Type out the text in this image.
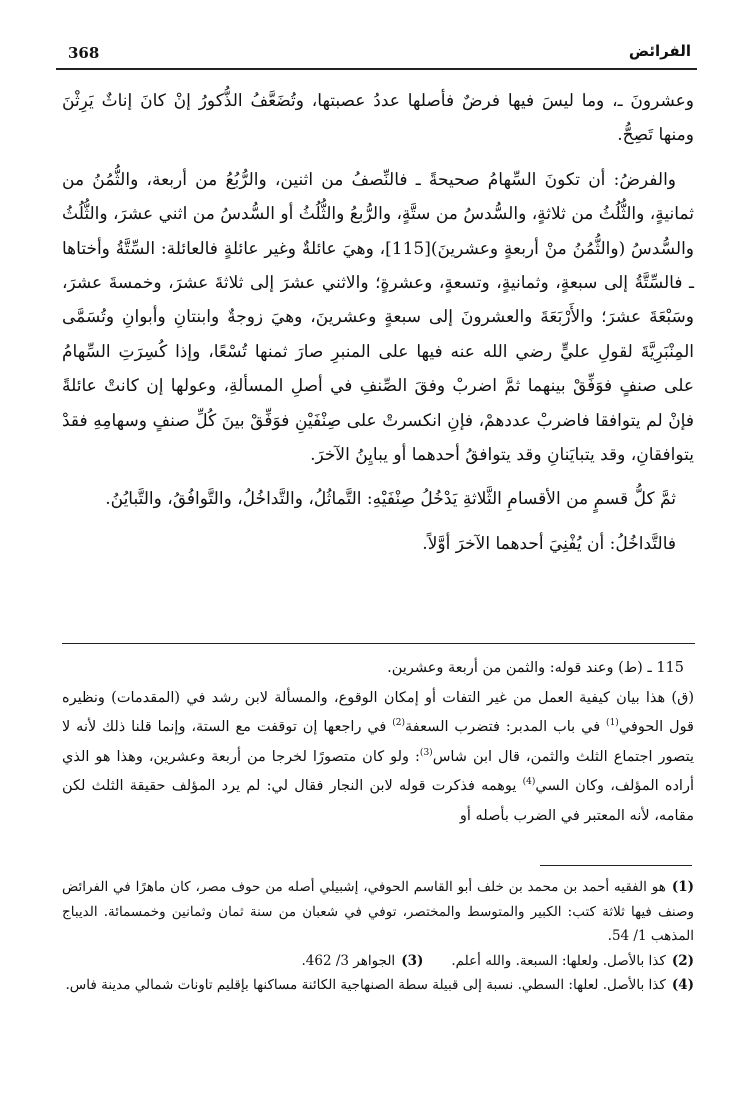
368	الفرائض

وعشرونَ ـ، وما ليسَ فيها فرضٌ فأصلها عددُ عصبتها، وتُضَعَّفُ الذُّكورُ إنْ كانَ إناثٌ يَرِثْنَ ومنها تَصِحُّ.

والفرضُ: أن تكونَ السِّهامُ صحيحةً ـ فالنِّصفُ من اثنين، والرُّبُعُ من أربعة، والثُّمُنُ من ثمانيةٍ، والثُّلُثُ من ثلاثةٍ، والسُّدسُ من ستَّةٍ، والرُّبعُ والثُّلُثُ أو السُّدسُ من اثني عشرَ، والثُّلُثُ والسُّدسُ (والثُّمُنُ منْ أربعةٍ وعشرينَ)[115]، وهيَ عائلةٌ وغير عائلةٍ فالعائلة: السِّتَّةُ وأختاها ـ فالسِّتَّةُ إلى سبعةٍ، وثمانيةٍ، وتسعةٍ، وعشرةٍ؛ والاثني عشرَ إلى ثلاثةَ عشرَ، وخمسةَ عشرَ، وسَبْعَةَ عشرَ؛ والأَرْبَعَةَ والعشرونَ إلى سبعةٍ وعشرينَ، وهيَ زوجةٌ وابنتانِ وأبوانِ وتُسَمَّى المِنْبَرِيَّةَ لقولِ عليٍّ رضي الله عنه فيها على المنبرِ صارَ ثمنها تُسْعًا، وإذا كُسِرَتِ السِّهامُ على صنفٍ فوَفِّقْ بينهما ثمَّ اضربْ وفقَ الصِّنفِ في أصلِ المسألةِ، وعولها إن كانتْ عائلةً فإنْ لم يتوافقا فاضربْ عددهمْ، فإنِ انكسرتْ على صِنْفَيْنِ فوَفِّقْ بينَ كُلِّ صنفٍ وسهامِهِ فقدْ يتوافقانِ، وقد يتبايَنانِ وقد يتوافقُ أحدهما أو يبايِنُ الآخرَ.

ثمَّ كلُّ قسمٍ من الأقسامِ الثَّلاثةِ يَدْخُلُ صِنْفَيْهِ: التَّماثُلُ، والتَّداخُلُ، والتَّوافُقُ، والتَّبايُنُ.

فالتَّداخُلُ: أن يُفْنِيَ أحدهما الآخرَ أوَّلاً.

115 ـ (ط) وعند قوله: والثمن من أربعة وعشرين.

(ق) هذا بيان كيفية العمل من غير التفات أو إمكان الوقوع، والمسألة لابن رشد في (المقدمات) ونظيره قول الحوفي$^{(1)}$ في باب المدبر: فتضرب السعفة$^{(2)}$ في راجعها إن توقفت مع الستة، وإنما قلنا ذلك لأنه لا يتصور اجتماع الثلث والثمن، قال ابن شاس$^{(3)}$: ولو كان متصورًا لخرجا من أربعة وعشرين، وهذا هو الذي أراده المؤلف، وكان السي$^{(4)}$ يوهمه فذكرت قوله لابن النجار فقال لي: لم يرد المؤلف حقيقة الثلث لكن مقامه، لأنه المعتبر في الضرب بأصله أو

(1)هو الفقيه أحمد بن محمد بن خلف أبو القاسم الحوفي، إشبيلي أصله من حوف مصر، كان ماهرًا في الفرائض وصنف فيها ثلاثة كتب: الكبير والمتوسط والمختصر، توفي في شعبان من سنة ثمان وثمانين وخمسمائة. الديباج المذهب 1/ 54.

(2)كذا بالأصل. ولعلها: السبعة. والله أعلم.(3)الجواهر 3/ 462.

(4)كذا بالأصل. لعلها: السطي. نسبة إلى قبيلة سطة الصنهاجية الكائنة مساكنها بإقليم تاونات شمالي مدينة فاس.
